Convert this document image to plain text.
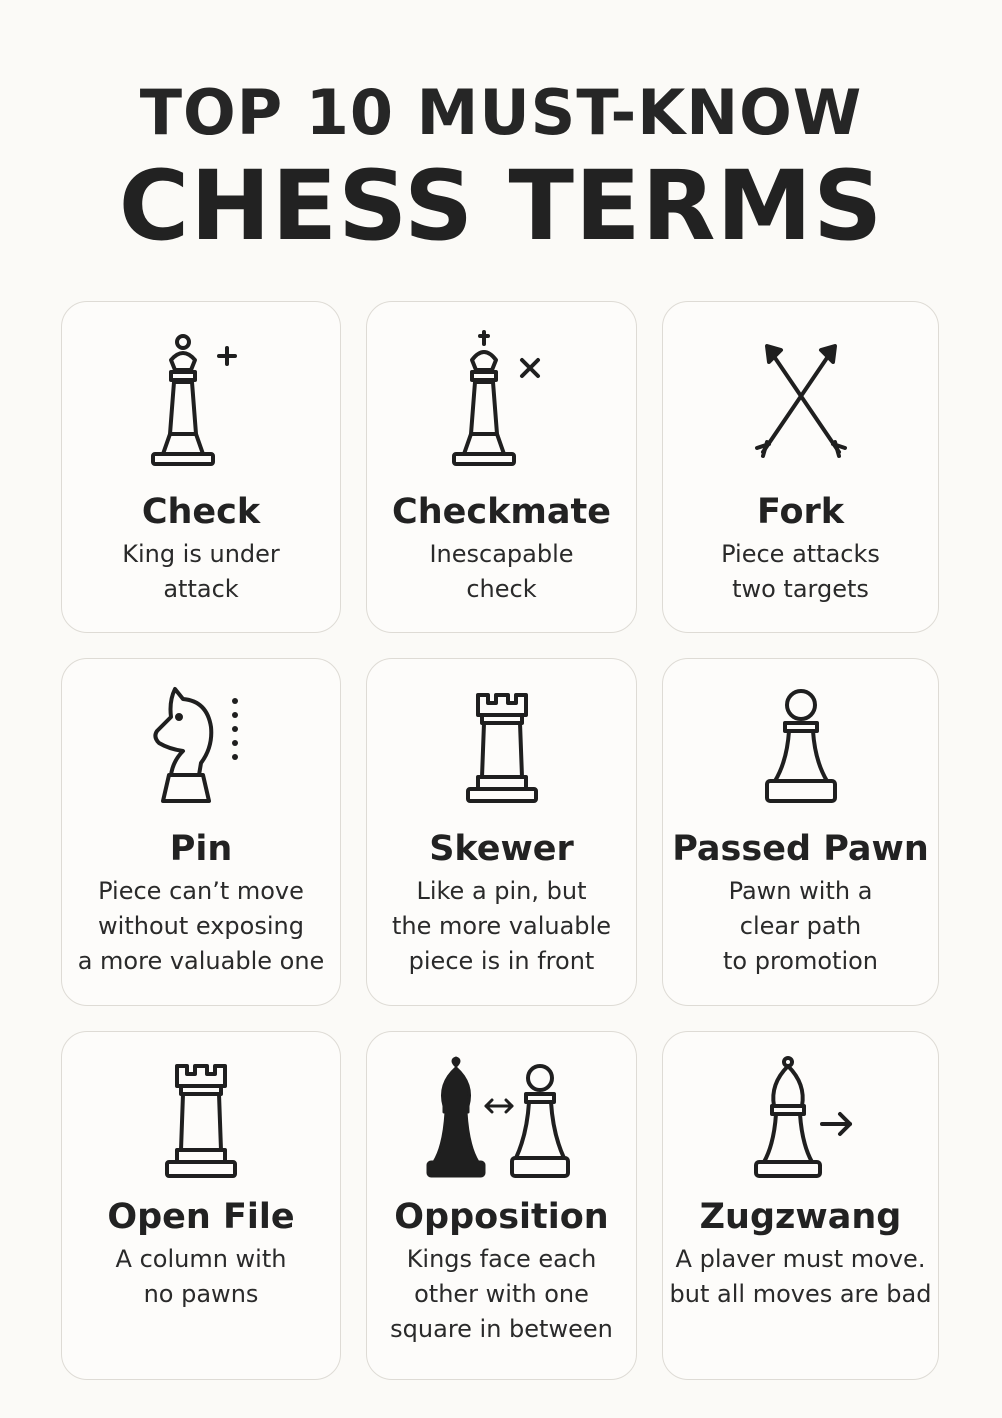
TOP 10 MUST-KNOW
CHESS TERMS
Check
King is under
attack
Checkmate
Inescapable
check
Fork
Piece attacks
two targets
Pin
Piece can’t move
without exposing
a more valuable one
Skewer
Like a pin, but
the more valuable
piece is in front
Passed Pawn
Pawn with a
clear path
to promotion
Open File
A column with
no pawns
Opposition
Kings face each
other with one
square in between
Zugzwang
A plaver must move.
but all moves are bad
